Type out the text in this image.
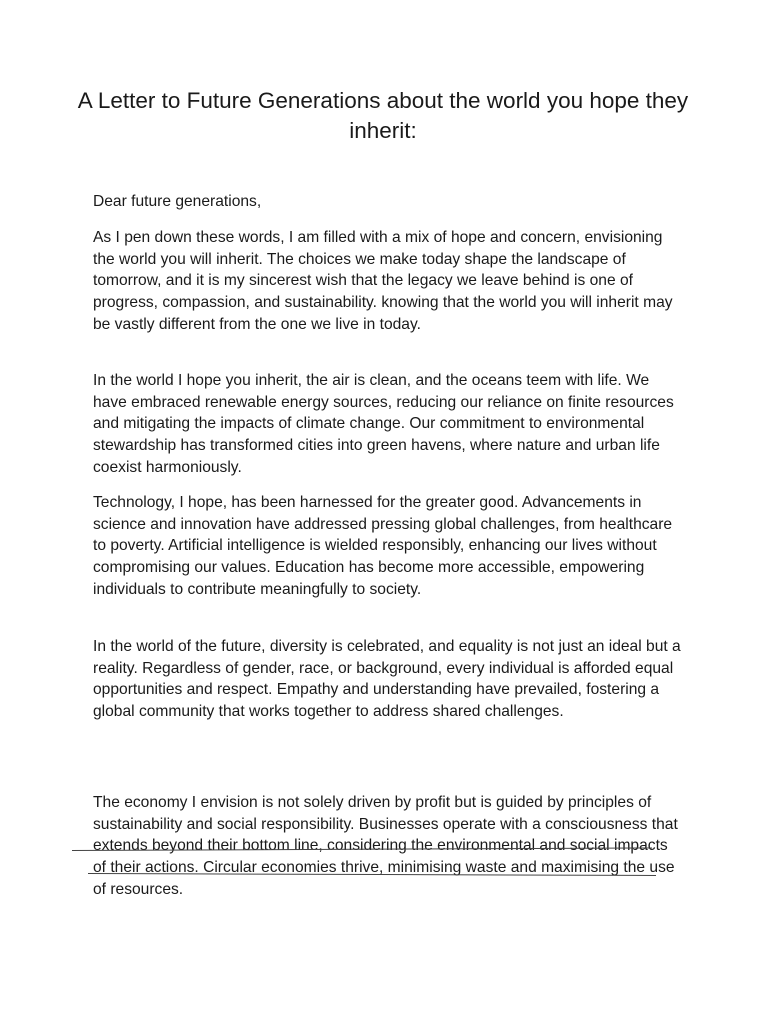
A Letter to Future Generations about the world you hope they inherit:

Dear future generations,

As I pen down these words, I am filled with a mix of hope and concern, envisioning the world you will inherit. The choices we make today shape the landscape of tomorrow, and it is my sincerest wish that the legacy we leave behind is one of progress, compassion, and sustainability. knowing that the world you will inherit may be vastly different from the one we live in today.

In the world I hope you inherit, the air is clean, and the oceans teem with life. We have embraced renewable energy sources, reducing our reliance on finite resources and mitigating the impacts of climate change. Our commitment to environmental stewardship has transformed cities into green havens, where nature and urban life coexist harmoniously.

Technology, I hope, has been harnessed for the greater good. Advancements in science and innovation have addressed pressing global challenges, from healthcare to poverty. Artificial intelligence is wielded responsibly, enhancing our lives without compromising our values. Education has become more accessible, empowering individuals to contribute meaningfully to society.

In the world of the future, diversity is celebrated, and equality is not just an ideal but a reality. Regardless of gender, race, or background, every individual is afforded equal opportunities and respect. Empathy and understanding have prevailed, fostering a global community that works together to address shared challenges.

The economy I envision is not solely driven by profit but is guided by principles of sustainability and social responsibility. Businesses operate with a consciousness that extends beyond their bottom line, considering the environmental and social impacts of their actions. Circular economies thrive, minimising waste and maximising the use of resources.
